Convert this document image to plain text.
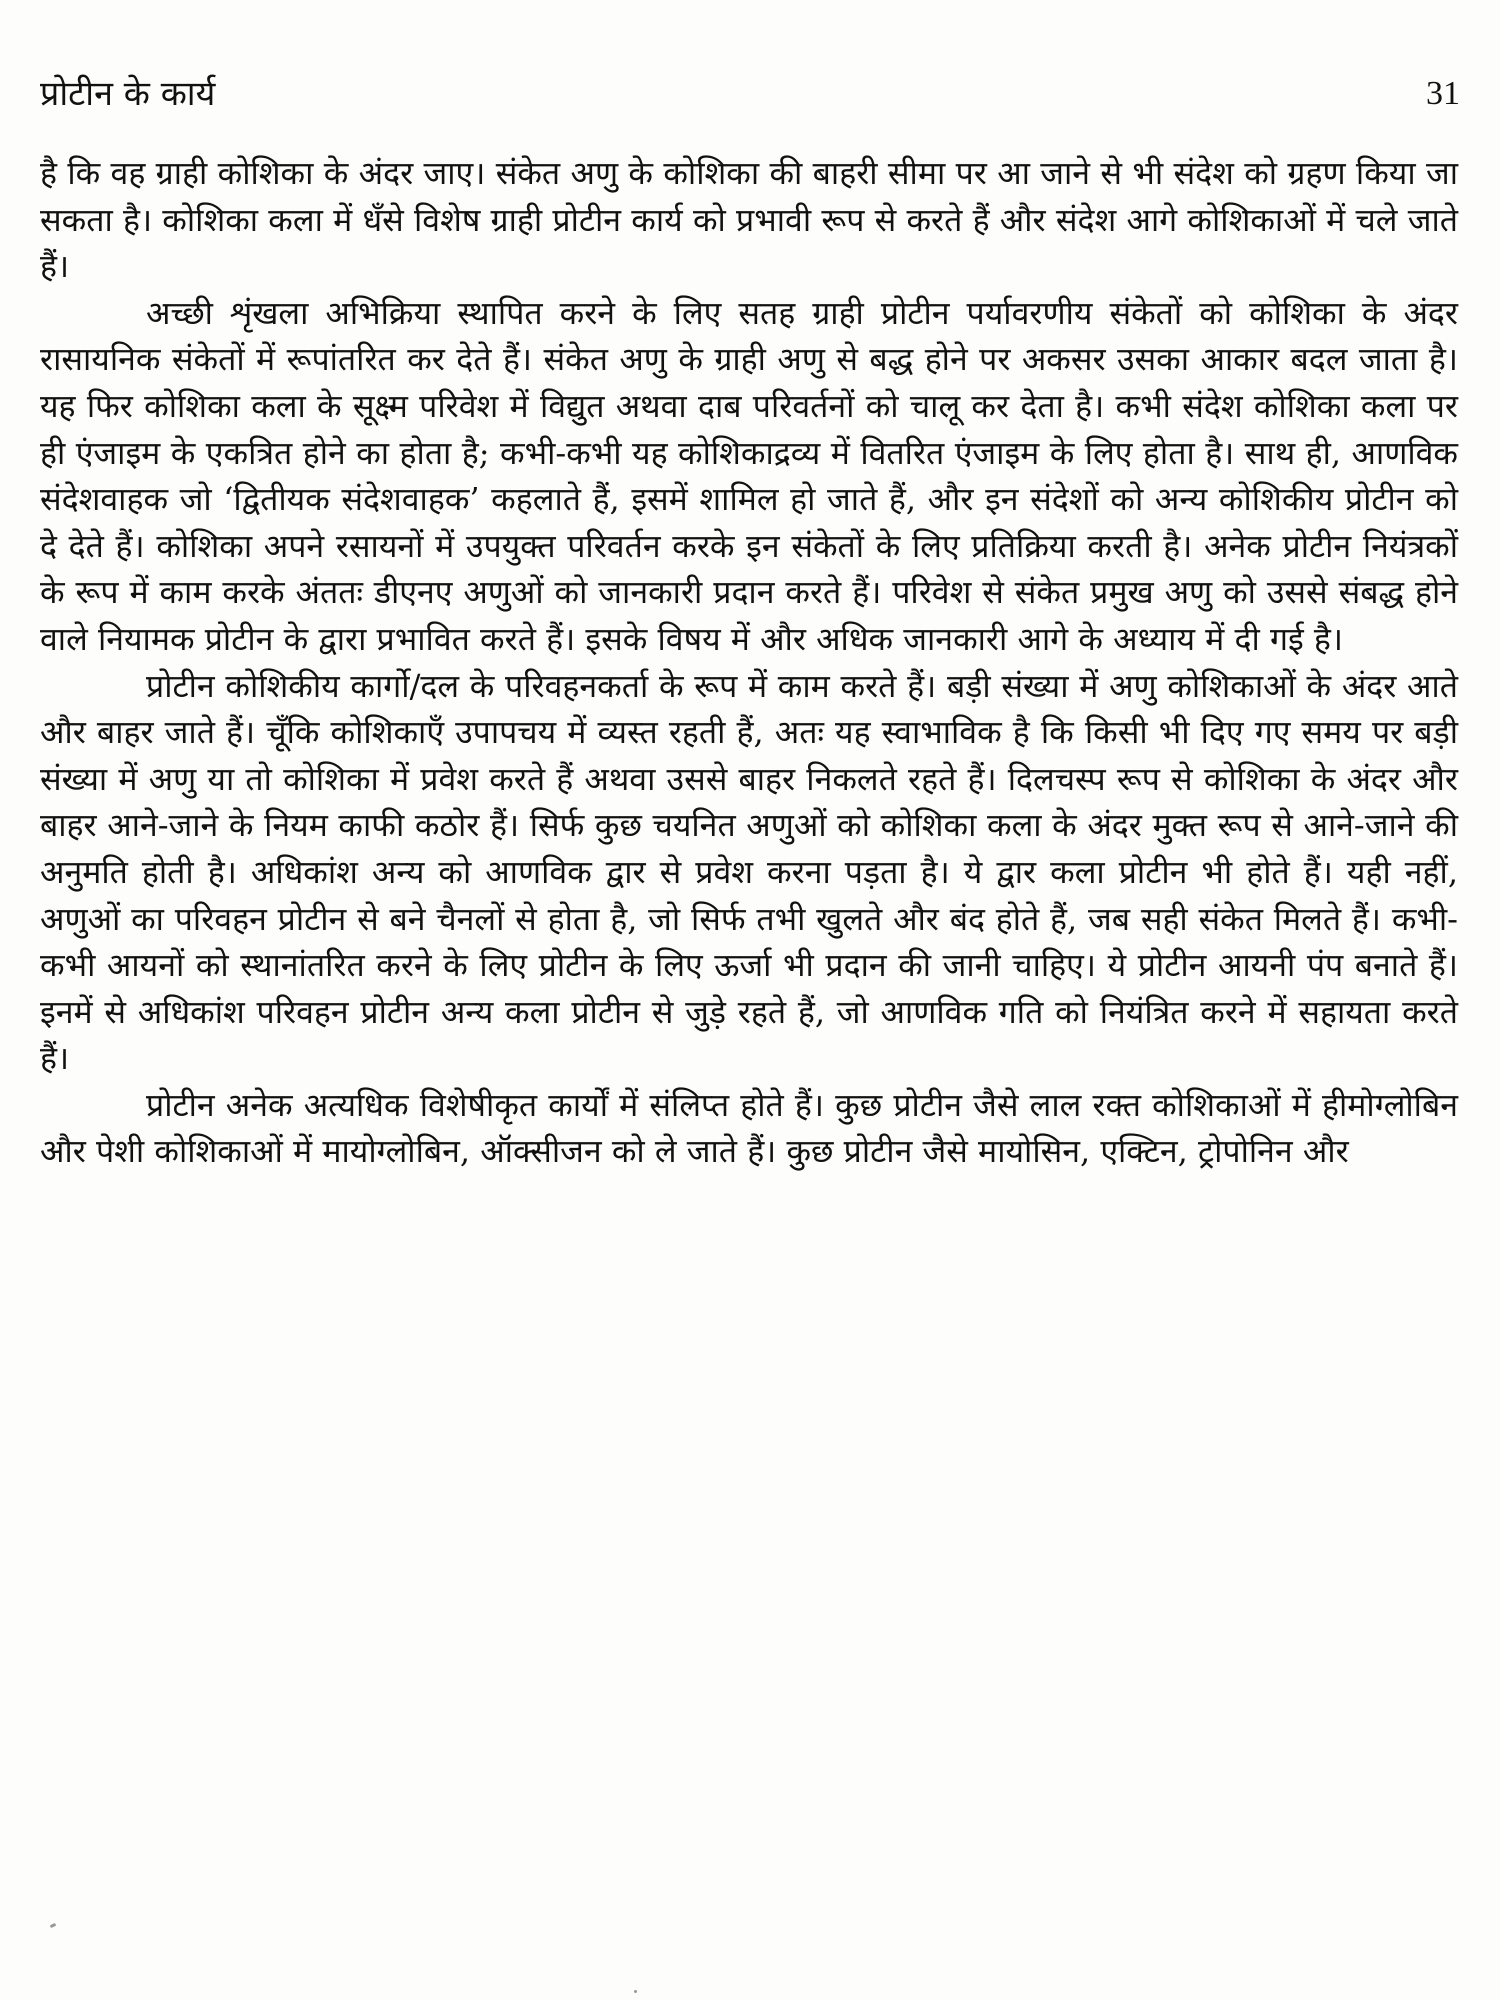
प्रोटीन के कार्य	31

है कि वह ग्राही कोशिका के अंदर जाए। संकेत अणु के कोशिका की बाहरी सीमा पर आ जाने से भी संदेश को ग्रहण किया जा सकता है। कोशिका कला में धँसे विशेष ग्राही प्रोटीन कार्य को प्रभावी रूप से करते हैं और संदेश आगे कोशिकाओं में चले जाते हैं।

अच्छी शृंखला अभिक्रिया स्थापित करने के लिए सतह ग्राही प्रोटीन पर्यावरणीय संकेतों को कोशिका के अंदर रासायनिक संकेतों में रूपांतरित कर देते हैं। संकेत अणु के ग्राही अणु से बद्ध होने पर अकसर उसका आकार बदल जाता है। यह फिर कोशिका कला के सूक्ष्म परिवेश में विद्युत अथवा दाब परिवर्तनों को चालू कर देता है। कभी संदेश कोशिका कला पर ही एंजाइम के एकत्रित होने का होता है; कभी-कभी यह कोशिकाद्रव्य में वितरित एंजाइम के लिए होता है। साथ ही, आणविक संदेशवाहक जो ‘द्वितीयक संदेशवाहक’ कहलाते हैं, इसमें शामिल हो जाते हैं, और इन संदेशों को अन्य कोशिकीय प्रोटीन को दे देते हैं। कोशिका अपने रसायनों में उपयुक्त परिवर्तन करके इन संकेतों के लिए प्रतिक्रिया करती है। अनेक प्रोटीन नियंत्रकों के रूप में काम करके अंततः डीएनए अणुओं को जानकारी प्रदान करते हैं। परिवेश से संकेत प्रमुख अणु को उससे संबद्ध होने वाले नियामक प्रोटीन के द्वारा प्रभावित करते हैं। इसके विषय में और अधिक जानकारी आगे के अध्याय में दी गई है।

प्रोटीन कोशिकीय कार्गो/दल के परिवहनकर्ता के रूप में काम करते हैं। बड़ी संख्या में अणु कोशिकाओं के अंदर आते और बाहर जाते हैं। चूँकि कोशिकाएँ उपापचय में व्यस्त रहती हैं, अतः यह स्वाभाविक है कि किसी भी दिए गए समय पर बड़ी संख्या में अणु या तो कोशिका में प्रवेश करते हैं अथवा उससे बाहर निकलते रहते हैं। दिलचस्प रूप से कोशिका के अंदर और बाहर आने-जाने के नियम काफी कठोर हैं। सिर्फ कुछ चयनित अणुओं को कोशिका कला के अंदर मुक्त रूप से आने-जाने की अनुमति होती है। अधिकांश अन्य को आणविक द्वार से प्रवेश करना पड़ता है। ये द्वार कला प्रोटीन भी होते हैं। यही नहीं, अणुओं का परिवहन प्रोटीन से बने चैनलों से होता है, जो सिर्फ तभी खुलते और बंद होते हैं, जब सही संकेत मिलते हैं। कभी-कभी आयनों को स्थानांतरित करने के लिए प्रोटीन के लिए ऊर्जा भी प्रदान की जानी चाहिए। ये प्रोटीन आयनी पंप बनाते हैं। इनमें से अधिकांश परिवहन प्रोटीन अन्य कला प्रोटीन से जुड़े रहते हैं, जो आणविक गति को नियंत्रित करने में सहायता करते हैं।

प्रोटीन अनेक अत्यधिक विशेषीकृत कार्यों में संलिप्त होते हैं। कुछ प्रोटीन जैसे लाल रक्त कोशिकाओं में हीमोग्लोबिन और पेशी कोशिकाओं में मायोग्लोबिन, ऑक्सीजन को ले जाते हैं। कुछ प्रोटीन जैसे मायोसिन, एक्टिन, ट्रोपोनिन और
